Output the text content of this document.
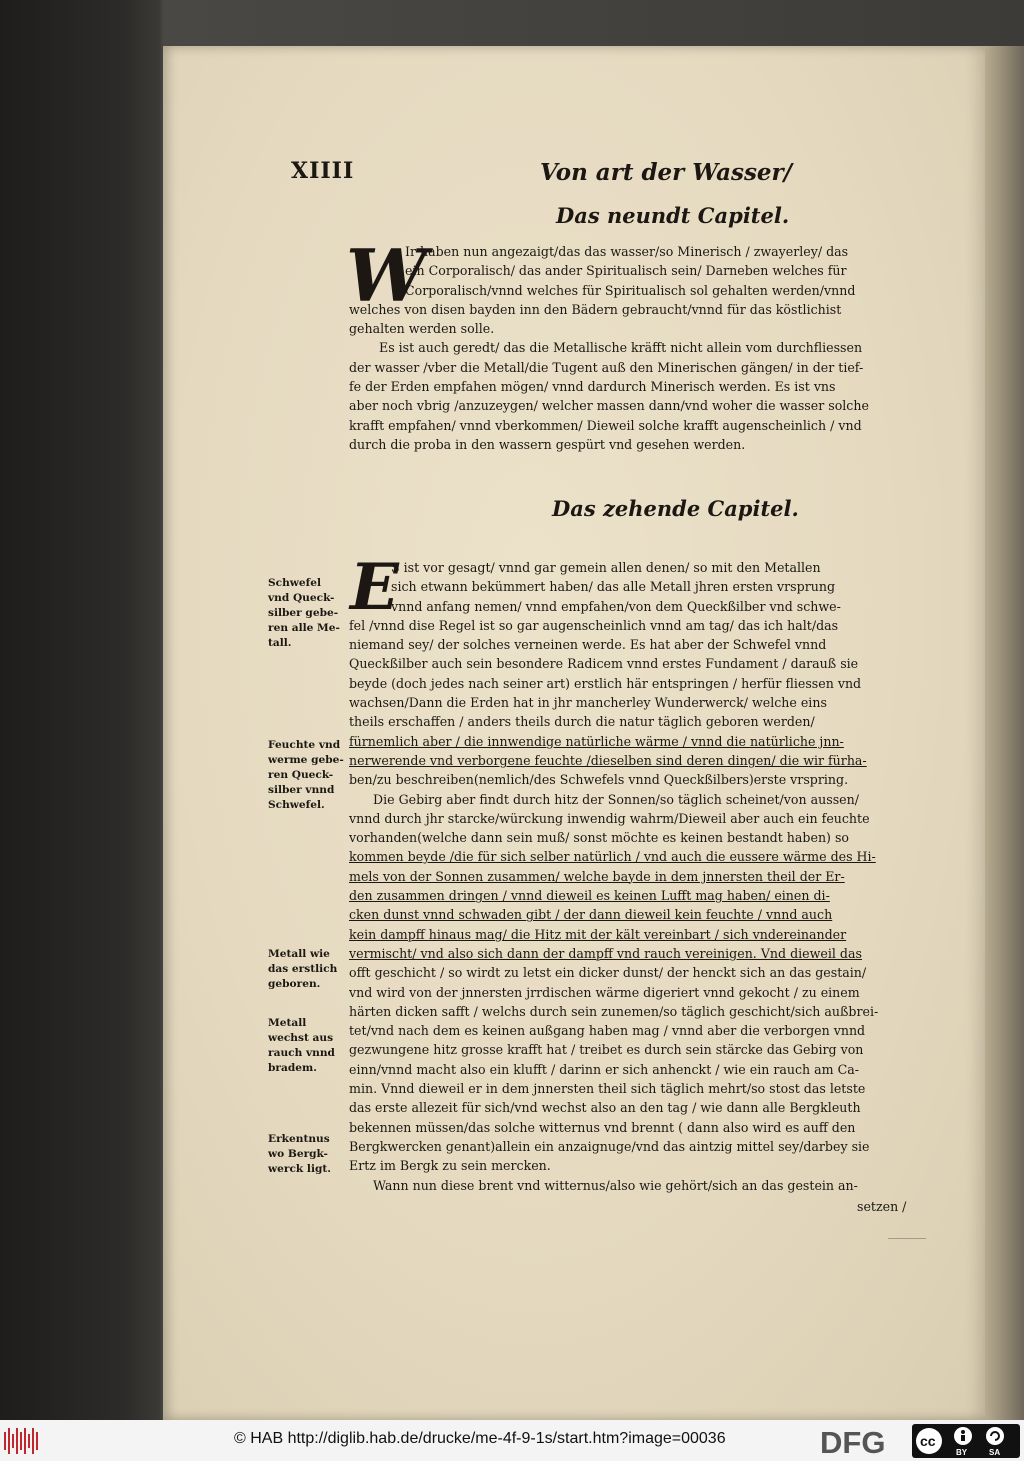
XIIII	Von art der Wasser/
Das neundt Capitel.
W
Ir haben nun angezaigt/das das wasser/so Minerisch / zwayerley/ das
ein Corporalisch/ das ander Spiritualisch sein/ Darneben welches für
Corporalisch/vnnd welches für Spiritualisch sol gehalten werden/vnnd
welches von disen bayden inn den Bädern gebraucht/vnnd für das köstlichist
gehalten werden solle.
Es ist auch geredt/ das die Metallische kräfft nicht allein vom durchfliessen
der wasser /vber die Metall/die Tugent auß den Minerischen gängen/ in der tief-
fe der Erden empfahen mögen/ vnnd dardurch Minerisch werden. Es ist vns
aber noch vbrig /anzuzeygen/ welcher massen dann/vnd woher die wasser solche
krafft empfahen/ vnnd vberkommen/ Dieweil solche krafft augenscheinlich / vnd
durch die proba in den wassern gespürt vnd gesehen werden.
Das zehende Capitel.
E
S ist vor gesagt/ vnnd gar gemein allen denen/ so mit den Metallen
sich etwann bekümmert haben/ das alle Metall jhren ersten vrsprung
vnnd anfang nemen/ vnnd empfahen/von dem Queckßilber vnd schwe-
fel /vnnd dise Regel ist so gar augenscheinlich vnnd am tag/ das ich halt/das
niemand sey/ der solches verneinen werde. Es hat aber der Schwefel vnnd
Queckßilber auch sein besondere Radicem vnnd erstes Fundament / darauß sie
beyde (doch jedes nach seiner art) erstlich här entspringen / herfür fliessen vnd
wachsen/Dann die Erden hat in jhr mancherley Wunderwerck/ welche eins
theils erschaffen / anders theils durch die natur täglich geboren werden/
fürnemlich aber / die innwendige natürliche wärme / vnnd die natürliche jnn-
nerwerende vnd verborgene feuchte /dieselben sind deren dingen/ die wir fürha-
ben/zu beschreiben(nemlich/des Schwefels vnnd Queckßilbers)erste vrspring.
Die Gebirg aber findt durch hitz der Sonnen/so täglich scheinet/von aussen/
vnnd durch jhr starcke/würckung inwendig wahrm/Dieweil aber auch ein feuchte
vorhanden(welche dann sein muß/ sonst möchte es keinen bestandt haben) so
kommen beyde /die für sich selber natürlich / vnd auch die eussere wärme des Hi-
mels von der Sonnen zusammen/ welche bayde in dem jnnersten theil der Er-
den zusammen dringen / vnnd dieweil es keinen Lufft mag haben/ einen di-
cken dunst vnnd schwaden gibt / der dann dieweil kein feuchte / vnnd auch
kein dampff hinaus mag/ die Hitz mit der kält vereinbart / sich vndereinander
vermischt/ vnd also sich dann der dampff vnd rauch vereinigen. Vnd dieweil das
offt geschicht / so wirdt zu letst ein dicker dunst/ der henckt sich an das gestain/
vnd wird von der jnnersten jrrdischen wärme digeriert vnnd gekocht / zu einem
härten dicken safft / welchs durch sein zunemen/so täglich geschicht/sich außbrei-
tet/vnd nach dem es keinen außgang haben mag / vnnd aber die verborgen vnnd
gezwungene hitz grosse krafft hat / treibet es durch sein stärcke das Gebirg von
einn/vnnd macht also ein klufft / darinn er sich anhenckt / wie ein rauch am Ca-
min. Vnnd dieweil er in dem jnnersten theil sich täglich mehrt/so stost das letste
das erste allezeit für sich/vnd wechst also an den tag / wie dann alle Bergkleuth
bekennen müssen/das solche witternus vnd brennt ( dann also wird es auff den
Bergkwercken genant)allein ein anzaignuge/vnd das aintzig mittel sey/darbey sie
Ertz im Bergk zu sein mercken.
Wann nun diese brent vnd witternus/also wie gehört/sich an das gestein an-
setzen /
Schwefel
vnd Queck-
silber gebe-
ren alle Me-
tall.
Feuchte vnd
werme gebe-
ren Queck-
silber vnnd
Schwefel.
Metall wie
das erstlich
geboren.
Metall
wechst aus
rauch vnnd
bradem.
Erkentnus
wo Bergk-
werck ligt.
© HAB http://diglib.hab.de/drucke/me-4f-9-1s/start.htm?image=00036	DFG cc
BY	SA
